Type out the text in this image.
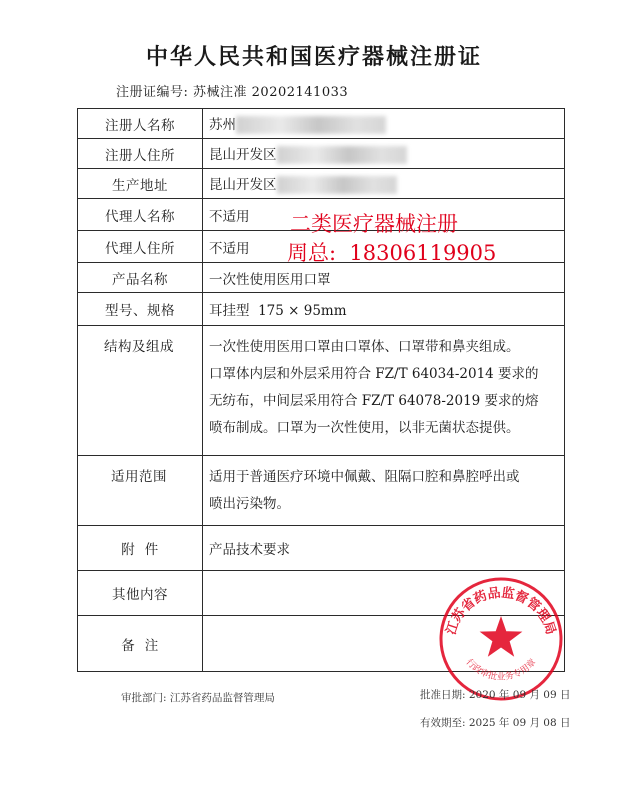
中华人民共和国医疗器械注册证
注册证编号: 苏械注准 20202141033
注册人名称	苏州
注册人住所	昆山开发区
生产地址	昆山开发区
代理人名称	不适用
代理人住所	不适用
产品名称	一次性使用医用口罩
型号、规格	耳挂型  175 × 95mm
结构及组成	一次性使用医用口罩由口罩体、口罩带和鼻夹组成。
口罩体内层和外层采用符合 FZ/T 64034-2014 要求的
无纺布，中间层采用符合 FZ/T 64078-2019 要求的熔
喷布制成。口罩为一次性使用，以非无菌状态提供。

适用范围	适用于普通医疗环境中佩戴、阻隔口腔和鼻腔呼出或
喷出污染物。

附  件	产品技术要求
其他内容	
备  注	
二类医疗器械注册
周总:  18306119905
江苏省药品监督管理局
行政审批业务专用章
审批部门: 江苏省药品监督管理局	批准日期: 2020 年 09 月 09 日
有效期至: 2025 年 09 月 08 日
